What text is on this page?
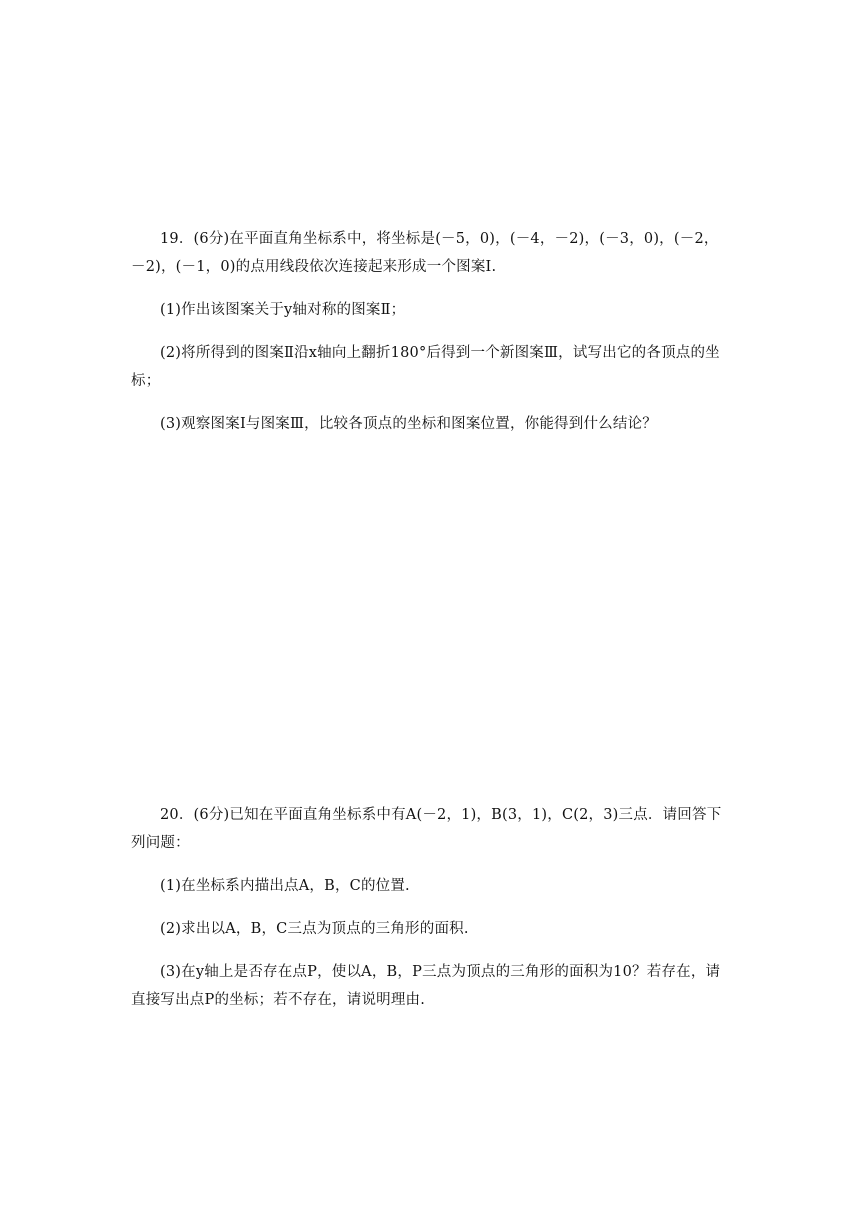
19．(6分)在平面直角坐标系中，将坐标是(－5，0)，(－4，－2)，(－3，0)，(－2，－2)，(－1，0)的点用线段依次连接起来形成一个图案Ⅰ.

(1)作出该图案关于y轴对称的图案Ⅱ；

(2)将所得到的图案Ⅱ沿x轴向上翻折180°后得到一个新图案Ⅲ，试写出它的各顶点的坐标；

(3)观察图案Ⅰ与图案Ⅲ，比较各顶点的坐标和图案位置，你能得到什么结论？

20．(6分)已知在平面直角坐标系中有A(－2，1)，B(3，1)，C(2，3)三点．请回答下列问题：

(1)在坐标系内描出点A，B，C的位置.

(2)求出以A，B，C三点为顶点的三角形的面积.

(3)在y轴上是否存在点P，使以A，B，P三点为顶点的三角形的面积为10？若存在，请直接写出点P的坐标；若不存在，请说明理由.
